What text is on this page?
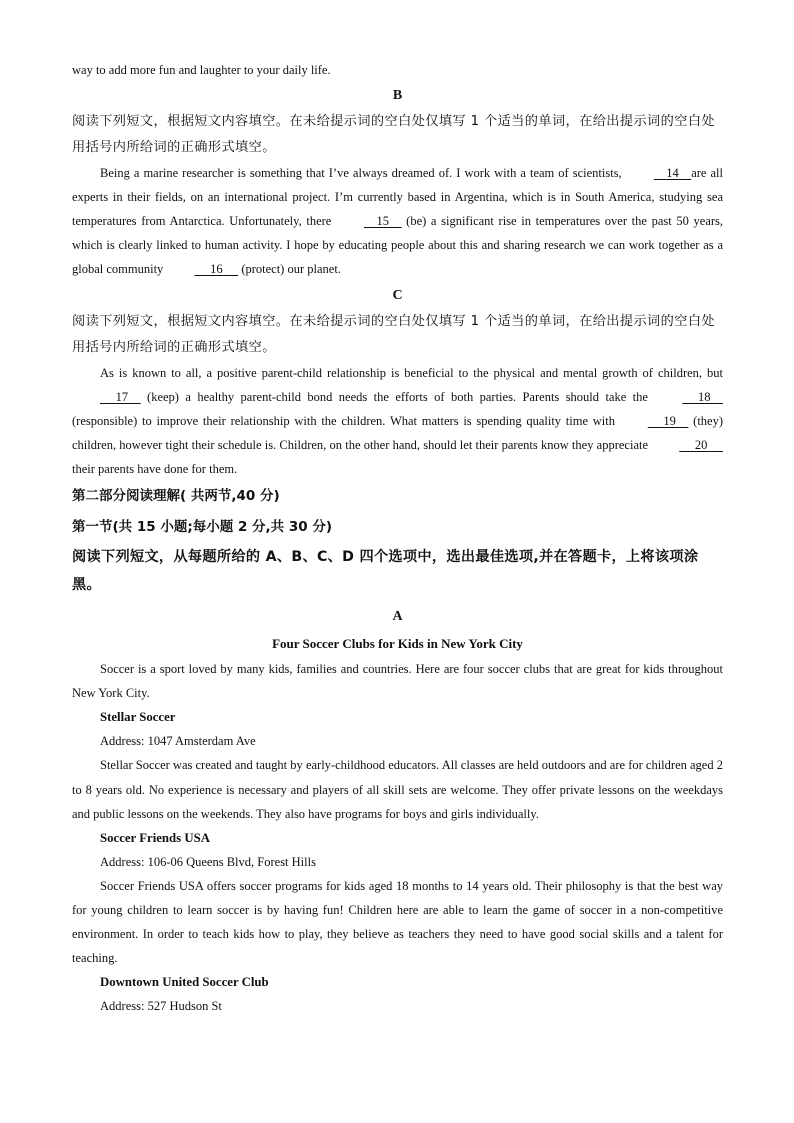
way to add more fun and laughter to your daily life.
B
阅读下列短文，根据短文内容填空。在未给提示词的空白处仅填写 1 个适当的单词，在给出提示词的空白处用括号内所给词的正确形式填空。
Being a marine researcher is something that I’ve always dreamed of. I work with a team of scientists,	14 are all experts in their fields, on an international project. I’m currently based in Argentina, which is in South America, studying sea temperatures from Antarctica. Unfortunately, there	15 (be) a significant rise in temperatures over the past 50 years, which is clearly linked to human activity. I hope by educating people about this and sharing research we can work together as a global community	16 (protect) our planet.
C
阅读下列短文，根据短文内容填空。在未给提示词的空白处仅填写 1 个适当的单词，在给出提示词的空白处用括号内所给词的正确形式填空。
As is known to all, a positive parent-child relationship is beneficial to the physical and mental growth of children, but      17 (keep) a healthy parent-child bond needs the efforts of both parties. Parents should take the	18     (responsible) to improve their relationship with the children. What matters is spending quality time with	19 (they) children, however tight their schedule is. Children, on the other hand, should let their parents know they appreciate	20      their parents have done for them.
第二部分阅读理解( 共两节,40 分)
第一节(共 15 小题;每小题 2 分,共 30 分)
阅读下列短文，从每题所给的 A、B、C、D 四个选项中，选出最佳选项,并在答题卡，上将该项涂黑。
A
Four Soccer Clubs for Kids in New York City
Soccer is a sport loved by many kids, families and countries. Here are four soccer clubs that are great for kids throughout New York City.
Stellar Soccer
Address: 1047 Amsterdam Ave
Stellar Soccer was created and taught by early-childhood educators. All classes are held outdoors and are for children aged 2 to 8 years old. No experience is necessary and players of all skill sets are welcome. They offer private lessons on the weekdays and public lessons on the weekends. They also have programs for boys and girls individually.
Soccer Friends USA
Address: 106-06 Queens Blvd, Forest Hills
Soccer Friends USA offers soccer programs for kids aged 18 months to 14 years old. Their philosophy is that the best way for young children to learn soccer is by having fun! Children here are able to learn the game of soccer in a non-competitive environment. In order to teach kids how to play, they believe as teachers they need to have good social skills and a talent for teaching.
Downtown United Soccer Club
Address: 527 Hudson St
